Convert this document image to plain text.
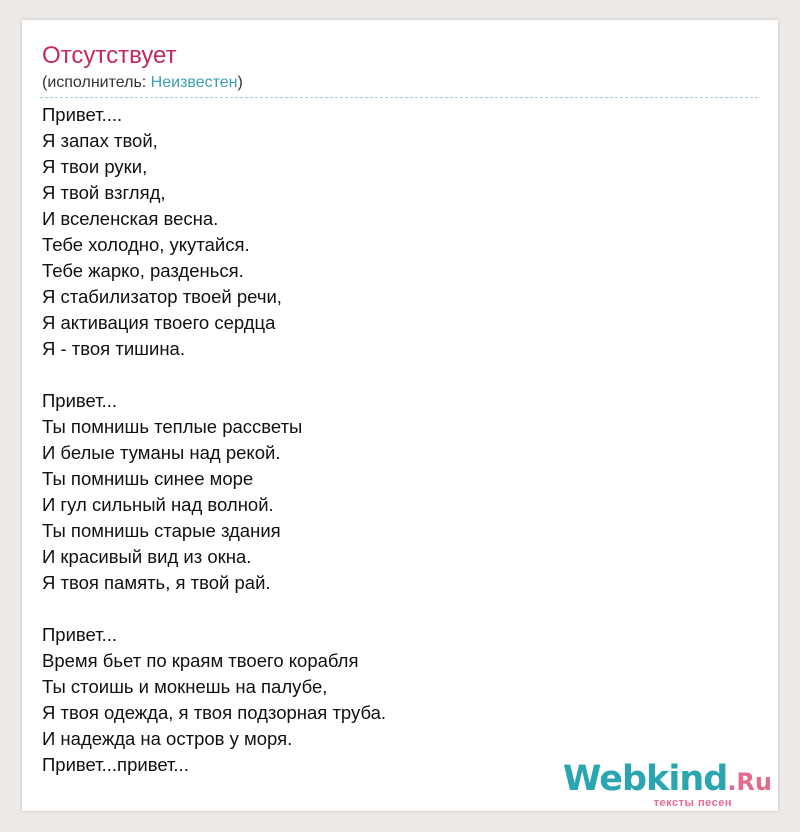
Отсутствует
(исполнитель: Неизвестен)
Привет....
Я запах твой,
Я твои руки,
Я твой взгляд,
И вселенская весна.
Тебе холодно, укутайся.
Тебе жарко, разденься.
Я стабилизатор твоей речи,
Я активация твоего сердца
Я - твоя тишина.
Привет...
Ты помнишь теплые рассветы
И белые туманы над рекой.
Ты помнишь синее море
И гул сильный над волной.
Ты помнишь старые здания
И красивый вид из окна.
Я твоя память, я твой рай.
Привет...
Время бьет по краям твоего корабля
Ты стоишь и мокнешь на палубе,
Я твоя одежда, я твоя подзорная труба.
И надежда на остров у моря.
Привет...привет...	Webkind.Ru
тексты песен
